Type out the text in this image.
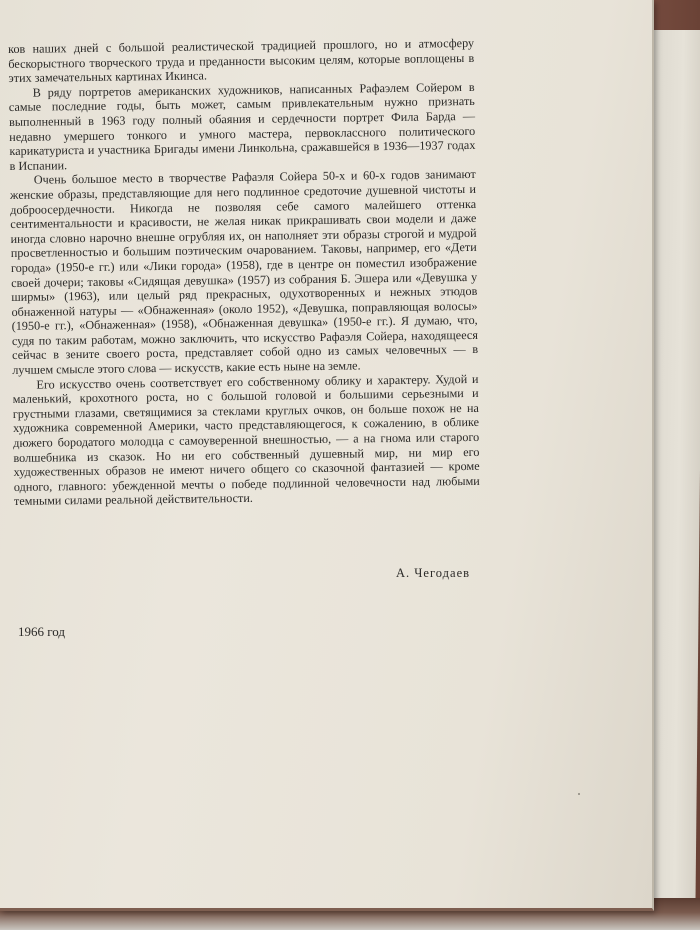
ков наших дней с большой реалистической традицией прошлого, но и атмосферу бескорыстного творческого труда и преданности высоким целям, которые воплощены в этих замечательных картинах Икинса.

В ряду портретов американских художников, написанных Рафаэлем Сойером в самые последние годы, быть может, самым привлекательным нужно признать выполненный в 1963 году полный обаяния и сердечности портрет Фила Барда — недавно умершего тонкого и умного мастера, первоклассного политического карикатуриста и участника Бригады имени Линкольна, сражавшейся в 1936—1937 годах в Испании.

Очень большое место в творчестве Рафаэля Сойера 50-х и 60-х годов занимают женские образы, представляющие для него подлинное средоточие душевной чистоты и доброосердечности. Никогда не позволяя себе самого малейшего оттенка сентиментальности и красивости, не желая никак прикрашивать свои модели и даже иногда словно нарочно внешне огрубляя их, он наполняет эти образы строгой и мудрой просветленностью и большим поэтическим очарованием. Таковы, например, его «Дети города» (1950-е гг.) или «Лики города» (1958), где в центре он поместил изображение своей дочери; таковы «Сидящая девушка» (1957) из собрания Б. Эшера или «Девушка у ширмы» (1963), или целый ряд прекрасных, одухотворенных и нежных этюдов обнаженной натуры — «Обнаженная» (около 1952), «Девушка, поправляющая волосы» (1950-е гг.), «Обнаженная» (1958), «Обнаженная девушка» (1950-е гг.). Я думаю, что, судя по таким работам, можно заключить, что искусство Рафаэля Сойера, находящееся сейчас в зените своего роста, представляет собой одно из самых человечных — в лучшем смысле этого слова — искусств, какие есть ныне на земле.

Его искусство очень соответствует его собственному облику и характеру. Худой и маленький, крохотного роста, но с большой головой и большими серьезными и грустными глазами, светящимися за стеклами круглых очков, он больше похож не на художника современной Америки, часто представляющегося, к сожалению, в облике дюжего бородатого молодца с самоуверенной внешностью, — а на гнома или старого волшебника из сказок. Но ни его собственный душевный мир, ни мир его художественных образов не имеют ничего общего со сказочной фантазией — кроме одного, главного: убежденной мечты о победе подлинной человечности над любыми темными силами реальной действительности.

А. Чегодаев
1966 год
